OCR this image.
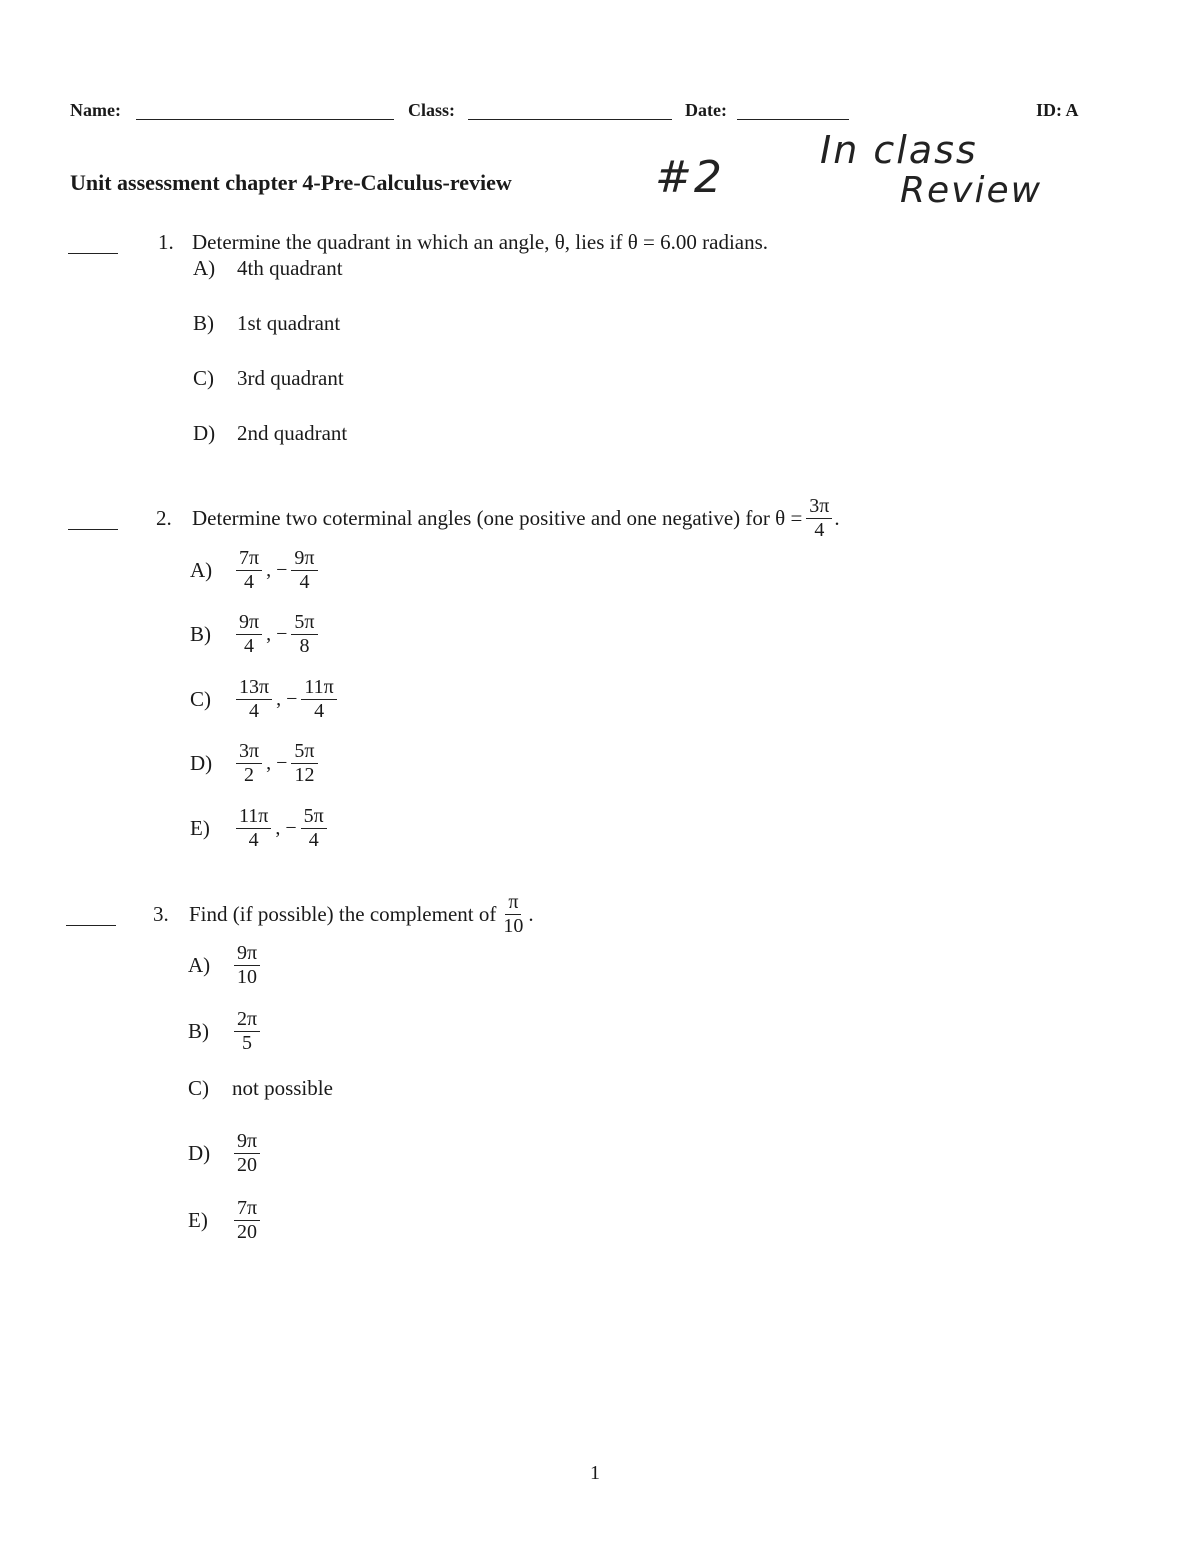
Name:	Class:	Date:	ID: A
Unit assessment chapter 4-Pre-Calculus-review	#2
In class
Review
1. Determine the quadrant in which an angle, θ, lies if θ = 6.00 radians.
A)	4th quadrant
B)	1st quadrant
C)	3rd quadrant
D)	2nd quadrant
2. Determine two coterminal angles (one positive and one negative) for $\theta = \frac{3\pi}{4}$ .
A)	$\frac{7\pi}{4}$ , − $\frac{9\pi}{4}$
B)	$\frac{9\pi}{4}$ , − $\frac{5\pi}{8}$
C)	$\frac{13\pi}{4}$ , − $\frac{11\pi}{4}$
D)	$\frac{3\pi}{2}$ , − $\frac{5\pi}{12}$
E)	$\frac{11\pi}{4}$ , − $\frac{5\pi}{4}$
3. Find (if possible) the complement of $\frac{\pi}{10}$ .
A)	$\frac{9\pi}{10}$
B)	$\frac{2\pi}{5}$
C)	not possible
D)	$\frac{9\pi}{20}$
E)	$\frac{7\pi}{20}$
1
